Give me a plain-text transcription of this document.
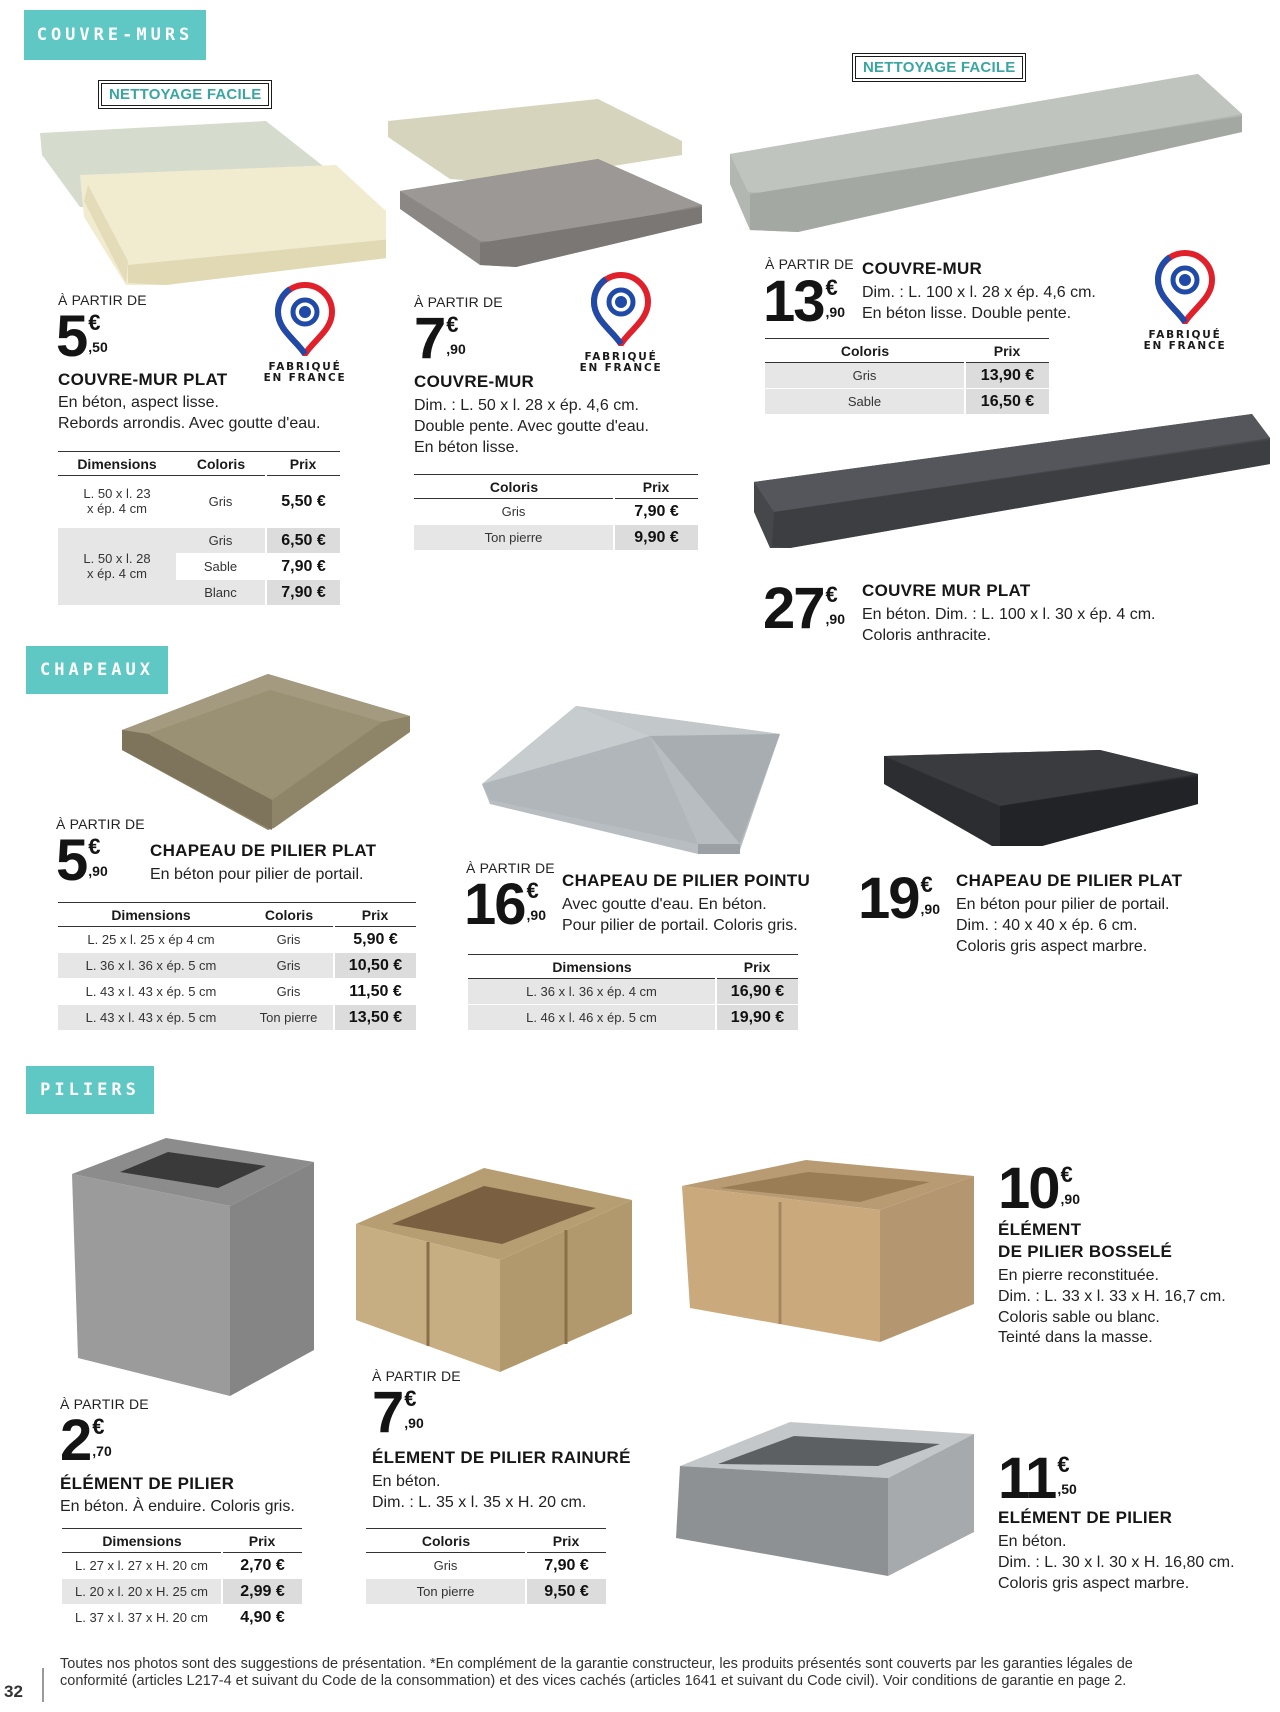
COUVRE-MURS
NETTOYAGE FACILE
NETTOYAGE FACILE
À PARTIR DE
5 €
,50
COUVRE-MUR PLAT
En béton, aspect lisse.
Rebords arrondis. Avec goutte d'eau.
Dimensions	Coloris	Prix

L. 50 x l. 23
x ép. 4 cm	Gris	5,50 €

L. 50 x l. 28
x ép. 4 cm	Gris	6,50 €
	Sable	7,90 €
	Blanc	7,90 €
FABRIQUÉ
EN FRANCE
À PARTIR DE
7 €
,90
COUVRE-MUR
Dim. : L. 50 x l. 28 x ép. 4,6 cm.
Double pente. Avec goutte d'eau.
En béton lisse.
Coloris	Prix
Gris	7,90 €
Ton pierre	9,90 €
FABRIQUÉ
EN FRANCE
À PARTIR DE
13 €
,90
COUVRE-MUR
Dim. : L. 100 x l. 28 x ép. 4,6 cm.
En béton lisse. Double pente.
Coloris	Prix
Gris	13,90 €
Sable	16,50 €
FABRIQUÉ
EN FRANCE
27 €
,90
COUVRE MUR PLAT
En béton. Dim. : L. 100 x l. 30 x ép. 4 cm.
Coloris anthracite.
CHAPEAUX
À PARTIR DE
5 €
,90
CHAPEAU DE PILIER PLAT
En béton pour pilier de portail.
Dimensions	Coloris	Prix
L. 25 x l. 25 x ép 4 cm	Gris	5,90 €
L. 36 x l. 36 x ép. 5 cm	Gris	10,50 €
L. 43 x l. 43 x ép. 5 cm	Gris	11,50 €
L. 43 x l. 43 x ép. 5 cm	Ton pierre	13,50 €
À PARTIR DE
16 €
,90
CHAPEAU DE PILIER POINTU
Avec goutte d'eau. En béton.
Pour pilier de portail. Coloris gris.
Dimensions	Prix
L. 36 x l. 36 x ép. 4 cm	16,90 €
L. 46 x l. 46 x ép. 5 cm	19,90 €
19 €
,90
CHAPEAU DE PILIER PLAT
En béton pour pilier de portail.
Dim. : 40 x 40 x ép. 6 cm.
Coloris gris aspect marbre.
PILIERS
À PARTIR DE
2 €
,70
ÉLÉMENT DE PILIER
En béton. À enduire. Coloris gris.
Dimensions	Prix
L. 27 x l. 27 x H. 20 cm	2,70 €
L. 20 x l. 20 x H. 25 cm	2,99 €
L. 37 x l. 37 x H. 20 cm	4,90 €
À PARTIR DE
7 €
,90
ÉLEMENT DE PILIER RAINURÉ
En béton.
Dim. : L. 35 x l. 35 x H. 20 cm.
Coloris	Prix
Gris	7,90 €
Ton pierre	9,50 €
10 €
,90
ÉLÉMENT
DE PILIER BOSSELÉ
En pierre reconstituée.
Dim. : L. 33 x l. 33 x H. 16,7 cm.
Coloris sable ou blanc.
Teinté dans la masse.
11 €
,50
ELÉMENT DE PILIER
En béton.
Dim. : L. 30 x l. 30 x H. 16,80 cm.
Coloris gris aspect marbre.
32
Toutes nos photos sont des suggestions de présentation. *En complément de la garantie constructeur, les produits présentés sont couverts par les garanties légales de
conformité (articles L217-4 et suivant du Code de la consommation) et des vices cachés (articles 1641 et suivant du Code civil). Voir conditions de garantie en page 2.
